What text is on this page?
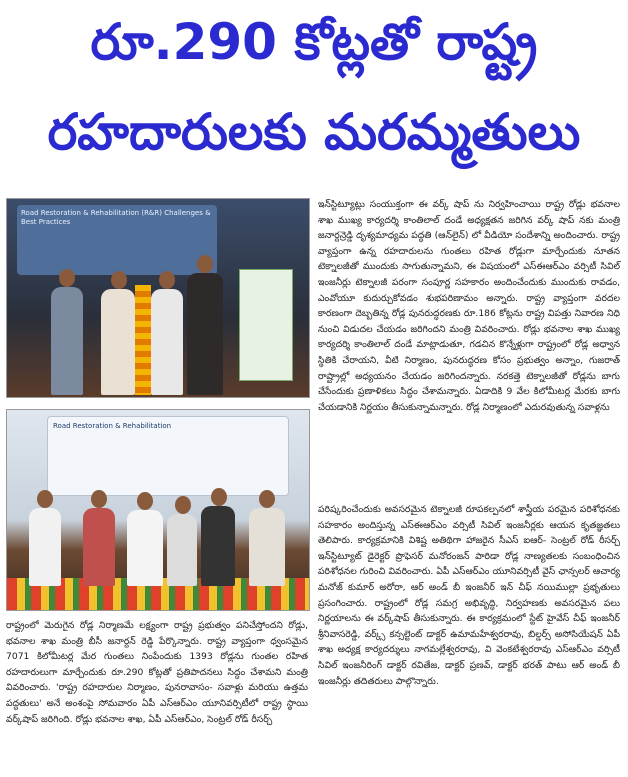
రూ.290 కోట్లతో రాష్ట్ర
రహదారులకు మరమ్మతులు
Road Restoration & Rehabilitation (R&R) Challenges & Best Practices
Road Restoration & Rehabilitation

ఇన్‌స్టిట్యూట్లు సంయుక్తంగా ఈ వర్క్ షాప్ ను నిర్వహించాయి రాష్ట్ర రోడ్లు భవనాల శాఖ ముఖ్య కార్యదర్శి కాంతిలాల్ దండే అధ్యక్షతన జరిగిన వర్క్ షాప్ నకు మంత్రి జనార్దన్రెడ్డి దృశ్యమాధ్యమ పద్ధతి (ఆన్‌లైన్) లో వీడియో సందేశాన్ని అందించారు. రాష్ట్ర వ్యాప్తంగా ఉన్న రహదారులను గుంతలు రహిత రోడ్లుగా మార్చేందుకు నూతన టెక్నాలజీతో ముందుకు సాగుతున్నామని, ఈ విషయంలో ఎస్ఈఆర్‌ఎం వర్సిటీ సివిల్ ఇంజనీర్లు టెక్నాలజీ పరంగా సంపూర్ణ సహకారం అందించేందుకు ముందుకు రావడం, ఎంవోయూ కుదుర్చుకోవడం శుభపరిణామం అన్నారు. రాష్ట్ర వ్యాప్తంగా వరదల కారణంగా దెబ్బతిన్న రోడ్ల పునరుద్ధరణకు రూ.186 కోట్లను రాష్ట్ర విపత్తు నివారణ నిధి నుంచి విడుదల చేయడం జరిగిందని మంత్రి వివరించారు. రోడ్లు భవనాల శాఖ ముఖ్య కార్యదర్శి కాంతిలాల్ దండే మాట్లాడుతూ, గడచిన కొన్నేళ్లుగా రాష్ట్రంలో రోడ్ల అధ్వాన స్థితికి చేరాయని, వీటి నిర్మాణం, పునరుద్ధరణ కోసం ప్రభుత్వం అన్నాం, గుజరాత్ రాష్ట్రాల్లో అధ్యయనం చేయడం జరిగిందన్నారు. నరకత్తె టెక్నాలజీతో రోడ్లను బాగు చేసేందుకు ప్రణాళికలు సిద్ధం చేశామన్నారు. ఏడాదికి 9 వేల కిలోమీటర్ల మేరకు బాగు చేయడానికి నిర్ణయం తీసుకున్నామన్నారు. రోడ్ల నిర్మాణంలో ఎదురవుతున్న సవాళ్లను

పరిష్కరించేందుకు అవసరమైన టెక్నాలజీ రూపకల్పనలో శాస్త్రీయ పరమైన పరిశోధనకు సహకారం అందిస్తున్న ఎస్ఈఆర్‌ఎం వర్సిటీ సివిల్ ఇంజనీర్లకు ఆయన కృతజ్ఞతలు తెలిపారు. కార్యక్రమానికి విశిష్ట అతిథిగా హాజరైన సీఎస్ ఐఆర్- సెంట్రల్ రోడ్ రీసర్చ్ ఇన్‌స్టిట్యూట్ డైరెక్టర్ ప్రొఫెసర్ మనోరంజన్ పారిడా రోడ్ల నాణ్యతలకు సంబంధించిన పరిశోధనల గురించి వివరించారు. ఏపీ ఎస్ఆర్‌ఎం యూనివర్సిటీ వైస్ ఛాన్సలర్ ఆచార్య మనోజ్ కుమార్ అరోరా, ఆర్ అండ్ బీ ఇంజనీర్ ఇన్ చీఫ్ నయిముల్లా ప్రభృతులు ప్రసంగించారు. రాష్ట్రంలో రోడ్ల సమగ్ర అభివృద్ధి, నిర్వహణకు అవసరమైన పలు నిర్ణయాలను ఈ వర్క్‌షాప్ తీసుకున్నారు. ఈ కార్యక్రమంలో స్టేట్ హైవేస్ చీఫ్ ఇంజనీర్ శ్రీనివాసరెడ్డి, వర్క్స్ కన్సల్టెంట్ డాక్టర్ ఉమామహేశ్వరరావు, బిల్డర్స్ అసోసియేషన్ ఏపీ శాఖ అధ్యక్ష కార్యదర్శులు నాగమల్లేశ్వరరావు, వి వెంకటేశ్వరరావు ఎస్ఆర్‌ఎం వర్సిటీ సివిల్ ఇంజనీరింగ్ డాక్టర్ రవితేజ, డాక్టర్ ప్రణవ్, డాక్టర్ భరత్ పాటు ఆర్ అండ్ బీ ఇంజనీర్లు తదితరులు పాల్గొన్నారు.

రాష్ట్రంలో మెరుగైన రోడ్ల నిర్మాణమే లక్ష్యంగా రాష్ట్ర ప్రభుత్వం పనిచేస్తోందని రోడ్లు, భవనాల శాఖ మంత్రి బీసీ జనార్దన్ రెడ్డి పేర్కొన్నారు. రాష్ట్ర వ్యాప్తంగా ధ్వంసమైన 7071 కిలోమీటర్ల మేర గుంతలు నింపేందుకు 1393 రోడ్లను గుంతల రహిత రహదారులుగా మార్చేందుకు రూ.290 కోట్లతో ప్రతిపాదనలు సిద్ధం చేశామని మంత్రి వివరించారు. 'రాష్ట్ర రహదారుల నిర్మాణం, పునరావాసం- సవాళ్లు మరియు ఉత్తమ పద్ధతులు' అనే అంశంపై సోమవారం ఏపీ ఎస్ఆర్‌ఎం యూనివర్సిటీలో రాష్ట్ర స్థాయి వర్క్‌షాప్ జరిగింది. రోడ్లు భవనాల శాఖ, ఏపీ ఎస్ఆర్‌ఎం, సెంట్రల్ రోడ్ రీసర్చ్
